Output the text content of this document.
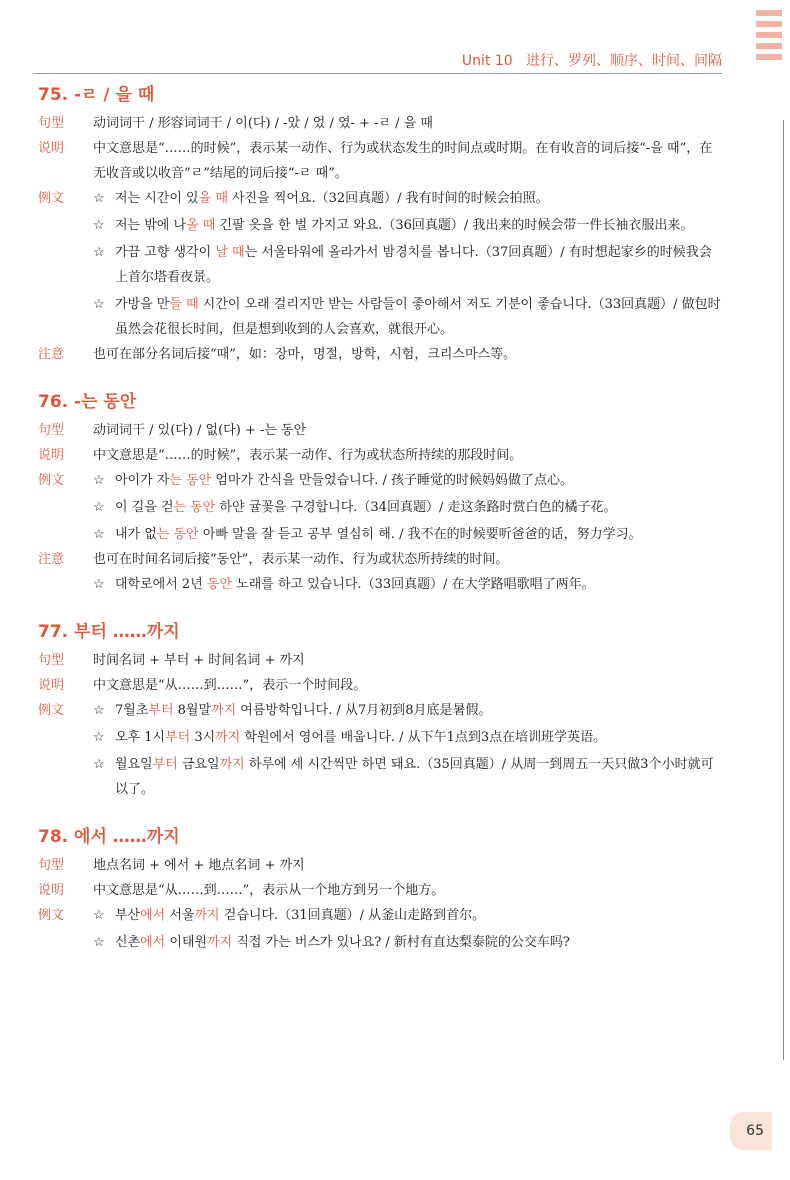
Unit 10 进行、罗列、顺序、时间、间隔
75. -ㄹ / 을 때
句型	动词词干 / 形容词词干 / 이(다) / -았 / 었 / 였- + -ㄹ / 을 때
说明	中文意思是“……的时候”，表示某一动作、行为或状态发生的时间点或时期。在有收音的词后接“-을 때”，在无收音或以收音“ㄹ”结尾的词后接“-ㄹ 때”。
例文	☆ 저는 시간이 있을 때 사진을 찍어요.（32回真题）/ 我有时间的时候会拍照。
☆ 저는 밖에 나올 때 긴팔 옷을 한 벌 가지고 와요.（36回真题）/ 我出来的时候会带一件长袖衣服出来。
☆ 가끔 고향 생각이 날 때는 서울타워에 올라가서 밤경치를 봅니다.（37回真题）/ 有时想起家乡的时候我会上首尔塔看夜景。
☆ 가방을 만들 때 시간이 오래 걸리지만 받는 사람들이 좋아해서 저도 기분이 좋습니다.（33回真题）/ 做包时虽然会花很长时间，但是想到收到的人会喜欢，就很开心。
注意	也可在部分名词后接“때”，如：장마，명절，방학，시험，크리스마스等。
76. -는 동안
句型	动词词干 / 있(다) / 없(다) + -는 동안
说明	中文意思是“……的时候”，表示某一动作、行为或状态所持续的那段时间。
例文	☆ 아이가 자는 동안 엄마가 간식을 만들었습니다. / 孩子睡觉的时候妈妈做了点心。
☆ 이 길을 걷는 동안 하얀 귤꽃을 구경합니다.（34回真题）/ 走这条路时赏白色的橘子花。
☆ 내가 없는 동안 아빠 말을 잘 듣고 공부 열심히 해. / 我不在的时候要听爸爸的话，努力学习。
注意	也可在时间名词后接“동안”，表示某一动作、行为或状态所持续的时间。
☆ 대학로에서 2년 동안 노래를 하고 있습니다.（33回真题）/ 在大学路唱歌唱了两年。
77. 부터 ……까지
句型	时间名词 + 부터 + 时间名词 + 까지
说明	中文意思是“从……到……”，表示一个时间段。
例文	☆ 7월초부터 8월말까지 여름방학입니다. / 从7月初到8月底是暑假。
☆ 오후 1시부터 3시까지 학원에서 영어를 배웁니다. / 从下午1点到3点在培训班学英语。
☆ 월요일부터 금요일까지 하루에 세 시간씩만 하면 돼요.（35回真题）/ 从周一到周五一天只做3个小时就可以了。
78. 에서 ……까지
句型	地点名词 + 에서 + 地点名词 + 까지
说明	中文意思是“从……到……”，表示从一个地方到另一个地方。
例文	☆ 부산에서 서울까지 걷습니다.（31回真题）/ 从釜山走路到首尔。
☆ 신촌에서 이태원까지 직접 가는 버스가 있나요? / 新村有直达梨泰院的公交车吗?
65
